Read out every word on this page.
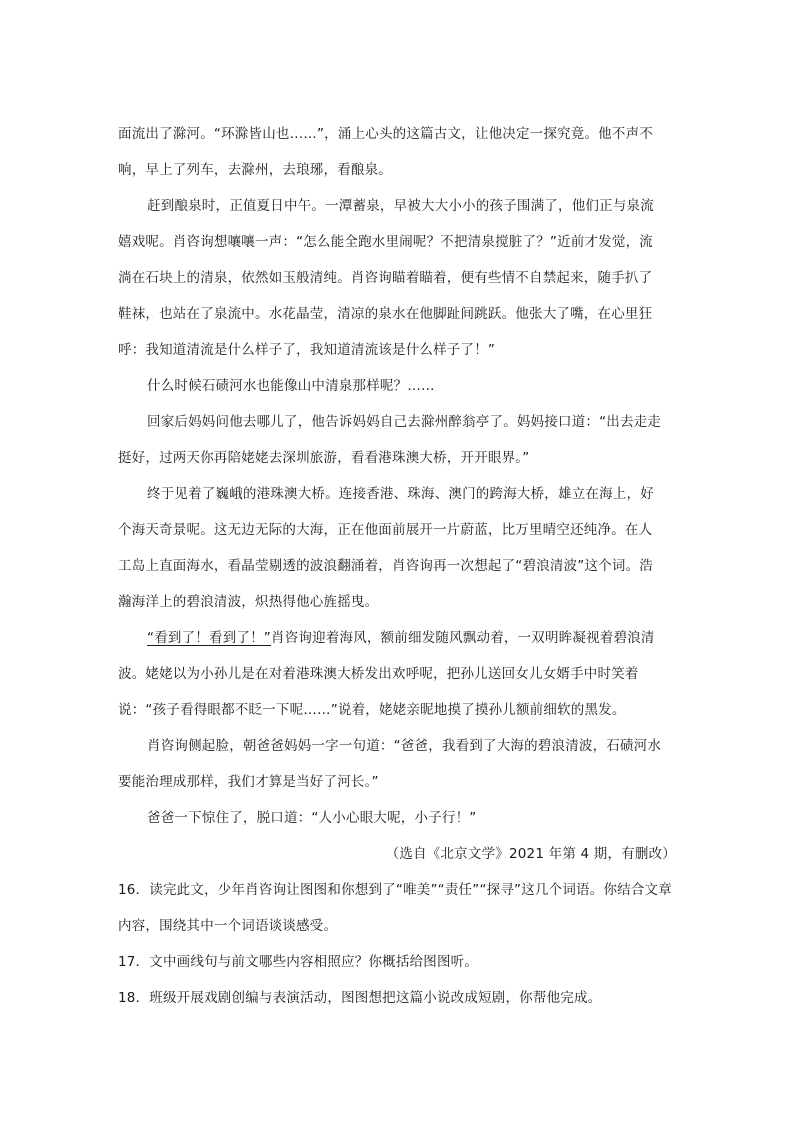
面流出了滁河。“环滁皆山也……”，涌上心头的这篇古文，让他决定一探究竟。他不声不
响，早上了列车，去滁州，去琅琊，看酿泉。
赶到酿泉时，正值夏日中午。一潭蓄泉，早被大大小小的孩子围满了，他们正与泉流
嬉戏呢。肖咨询想嚷嚷一声：“怎么能全跑水里闹呢？不把清泉搅脏了？”近前才发觉，流
淌在石块上的清泉，依然如玉般清纯。肖咨询瞄着瞄着，便有些情不自禁起来，随手扒了
鞋袜，也站在了泉流中。水花晶莹，清凉的泉水在他脚趾间跳跃。他张大了嘴，在心里狂
呼：我知道清流是什么样子了，我知道清流该是什么样子了！”
什么时候石碛河水也能像山中清泉那样呢？……
回家后妈妈问他去哪儿了，他告诉妈妈自己去滁州醉翁亭了。妈妈接口道：“出去走走
挺好，过两天你再陪姥姥去深圳旅游，看看港珠澳大桥，开开眼界。”
终于见着了巍峨的港珠澳大桥。连接香港、珠海、澳门的跨海大桥，雄立在海上，好
个海天奇景呢。这无边无际的大海，正在他面前展开一片蔚蓝，比万里晴空还纯净。在人
工岛上直面海水，看晶莹剔透的波浪翻涌着，肖咨询再一次想起了“碧浪清波”这个词。浩
瀚海洋上的碧浪清波，炽热得他心旌摇曳。
“看到了！看到了！”肖咨询迎着海风，额前细发随风飘动着，一双明眸凝视着碧浪清
波。姥姥以为小孙儿是在对着港珠澳大桥发出欢呼呢，把孙儿送回女儿女婿手中时笑着
说：“孩子看得眼都不眨一下呢……”说着，姥姥亲昵地摸了摸孙儿额前细软的黑发。
肖咨询侧起脸，朝爸爸妈妈一字一句道：“爸爸，我看到了大海的碧浪清波，石碛河水
要能治理成那样，我们才算是当好了河长。”
爸爸一下惊住了，脱口道：“人小心眼大呢，小子行！”
（选自《北京文学》2021 年第 4 期，有删改）
16．读完此文，少年肖咨询让图图和你想到了“唯美”“责任”“探寻”这几个词语。你结合文章
内容，围绕其中一个词语谈谈感受。
17．文中画线句与前文哪些内容相照应？你概括给图图听。
18．班级开展戏剧创编与表演活动，图图想把这篇小说改成短剧，你帮他完成。
